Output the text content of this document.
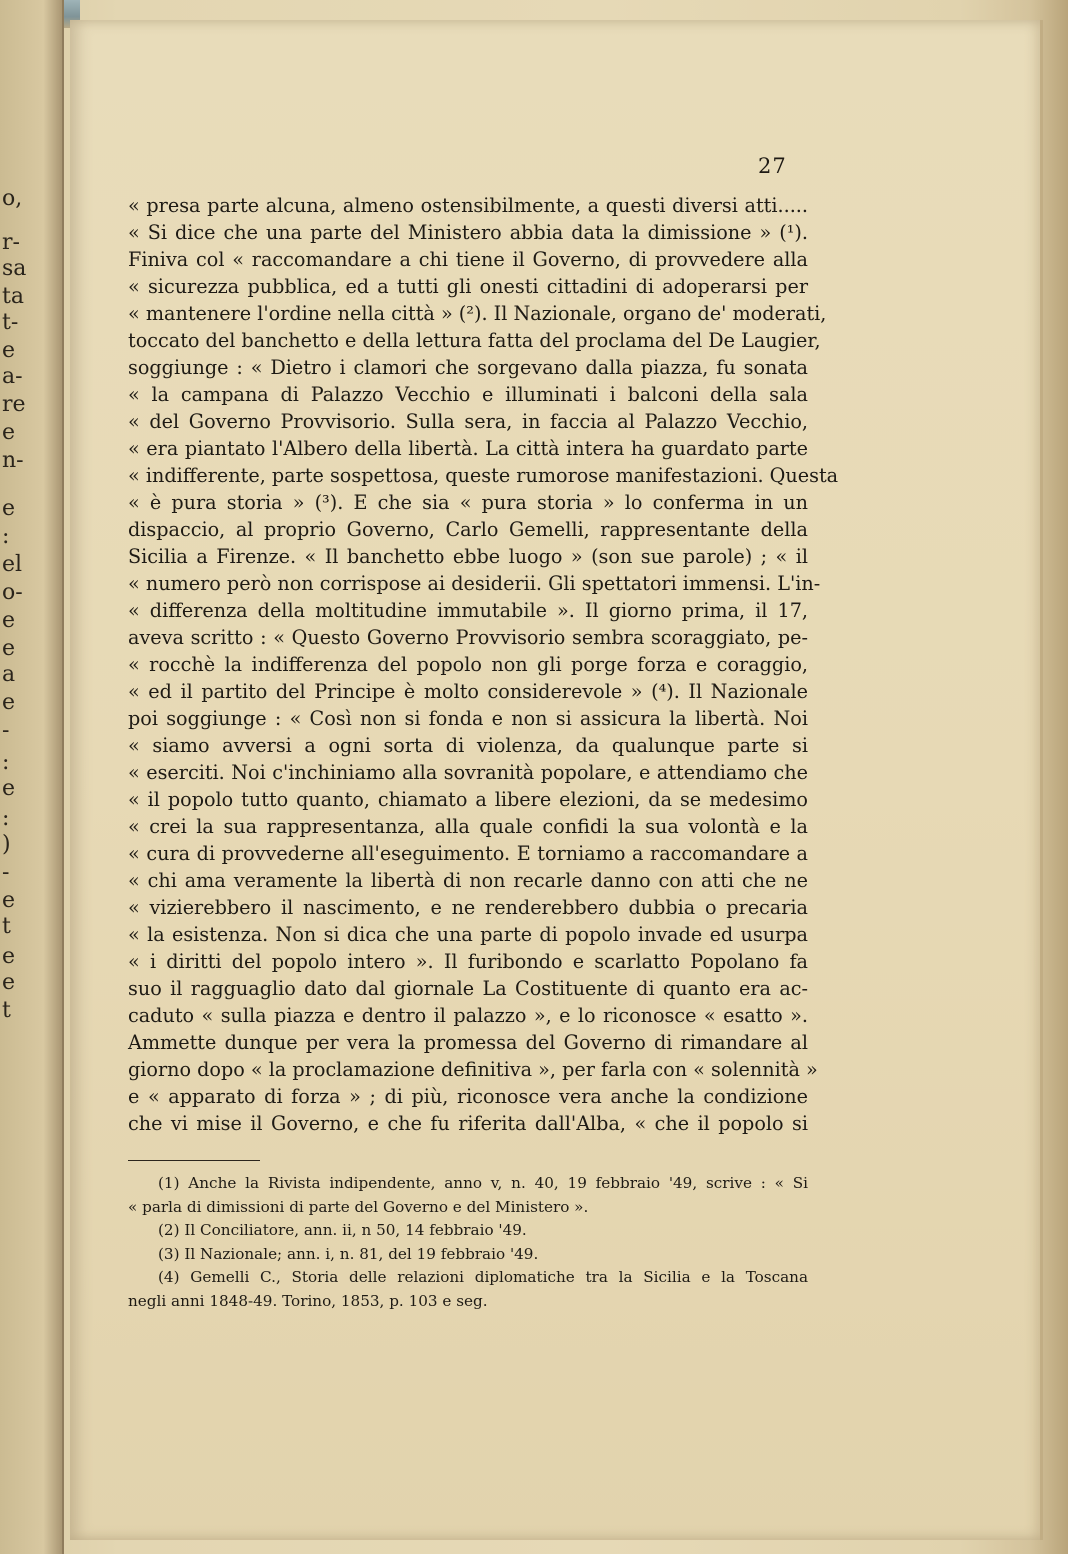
o,
r-
sa
ta
t-
e
a-
re
e
n-
e
:
el
o-
e
e
a
e
-
:
e
:
)
-
e
t
e
e
t
27
« presa parte alcuna, almeno ostensibilmente, a questi diversi atti.....
« Si dice che una parte del Ministero abbia data la dimissione » (¹).
Finiva col « raccomandare a chi tiene il Governo, di provvedere alla
« sicurezza pubblica, ed a tutti gli onesti cittadini di adoperarsi per
« mantenere l'ordine nella città » (²). Il Nazionale, organo de' moderati,
toccato del banchetto e della lettura fatta del proclama del De Laugier,
soggiunge : « Dietro i clamori che sorgevano dalla piazza, fu sonata
« la campana di Palazzo Vecchio e illuminati i balconi della sala
« del Governo Provvisorio. Sulla sera, in faccia al Palazzo Vecchio,
« era piantato l'Albero della libertà. La città intera ha guardato parte
« indifferente, parte sospettosa, queste rumorose manifestazioni. Questa
« è pura storia » (³). E che sia « pura storia » lo conferma in un
dispaccio, al proprio Governo, Carlo Gemelli, rappresentante della
Sicilia a Firenze. « Il banchetto ebbe luogo » (son sue parole) ; « il
« numero però non corrispose ai desiderii. Gli spettatori immensi. L'in-
« differenza della moltitudine immutabile ». Il giorno prima, il 17,
aveva scritto : « Questo Governo Provvisorio sembra scoraggiato, pe-
« rocchè la indifferenza del popolo non gli porge forza e coraggio,
« ed il partito del Principe è molto considerevole » (⁴). Il Nazionale
poi soggiunge : « Così non si fonda e non si assicura la libertà. Noi
« siamo avversi a ogni sorta di violenza, da qualunque parte si
« eserciti. Noi c'inchiniamo alla sovranità popolare, e attendiamo che
« il popolo tutto quanto, chiamato a libere elezioni, da se medesimo
« crei la sua rappresentanza, alla quale confidi la sua volontà e la
« cura di provvederne all'eseguimento. E torniamo a raccomandare a
« chi ama veramente la libertà di non recarle danno con atti che ne
« vizierebbero il nascimento, e ne renderebbero dubbia o precaria
« la esistenza. Non si dica che una parte di popolo invade ed usurpa
« i diritti del popolo intero ». Il furibondo e scarlatto Popolano fa
suo il ragguaglio dato dal giornale La Costituente di quanto era ac-
caduto « sulla piazza e dentro il palazzo », e lo riconosce « esatto ».
Ammette dunque per vera la promessa del Governo di rimandare al
giorno dopo « la proclamazione definitiva », per farla con « solennità »
e « apparato di forza » ; di più, riconosce vera anche la condizione
che vi mise il Governo, e che fu riferita dall'Alba, « che il popolo si
(1) Anche la Rivista indipendente, anno v, n. 40, 19 febbraio '49, scrive : « Si
« parla di dimissioni di parte del Governo e del Ministero ».
(2) Il Conciliatore, ann. ii, n 50, 14 febbraio '49.
(3) Il Nazionale; ann. i, n. 81, del 19 febbraio '49.
(4) Gemelli C., Storia delle relazioni diplomatiche tra la Sicilia e la Toscana
negli anni 1848-49. Torino, 1853, p. 103 e seg.
